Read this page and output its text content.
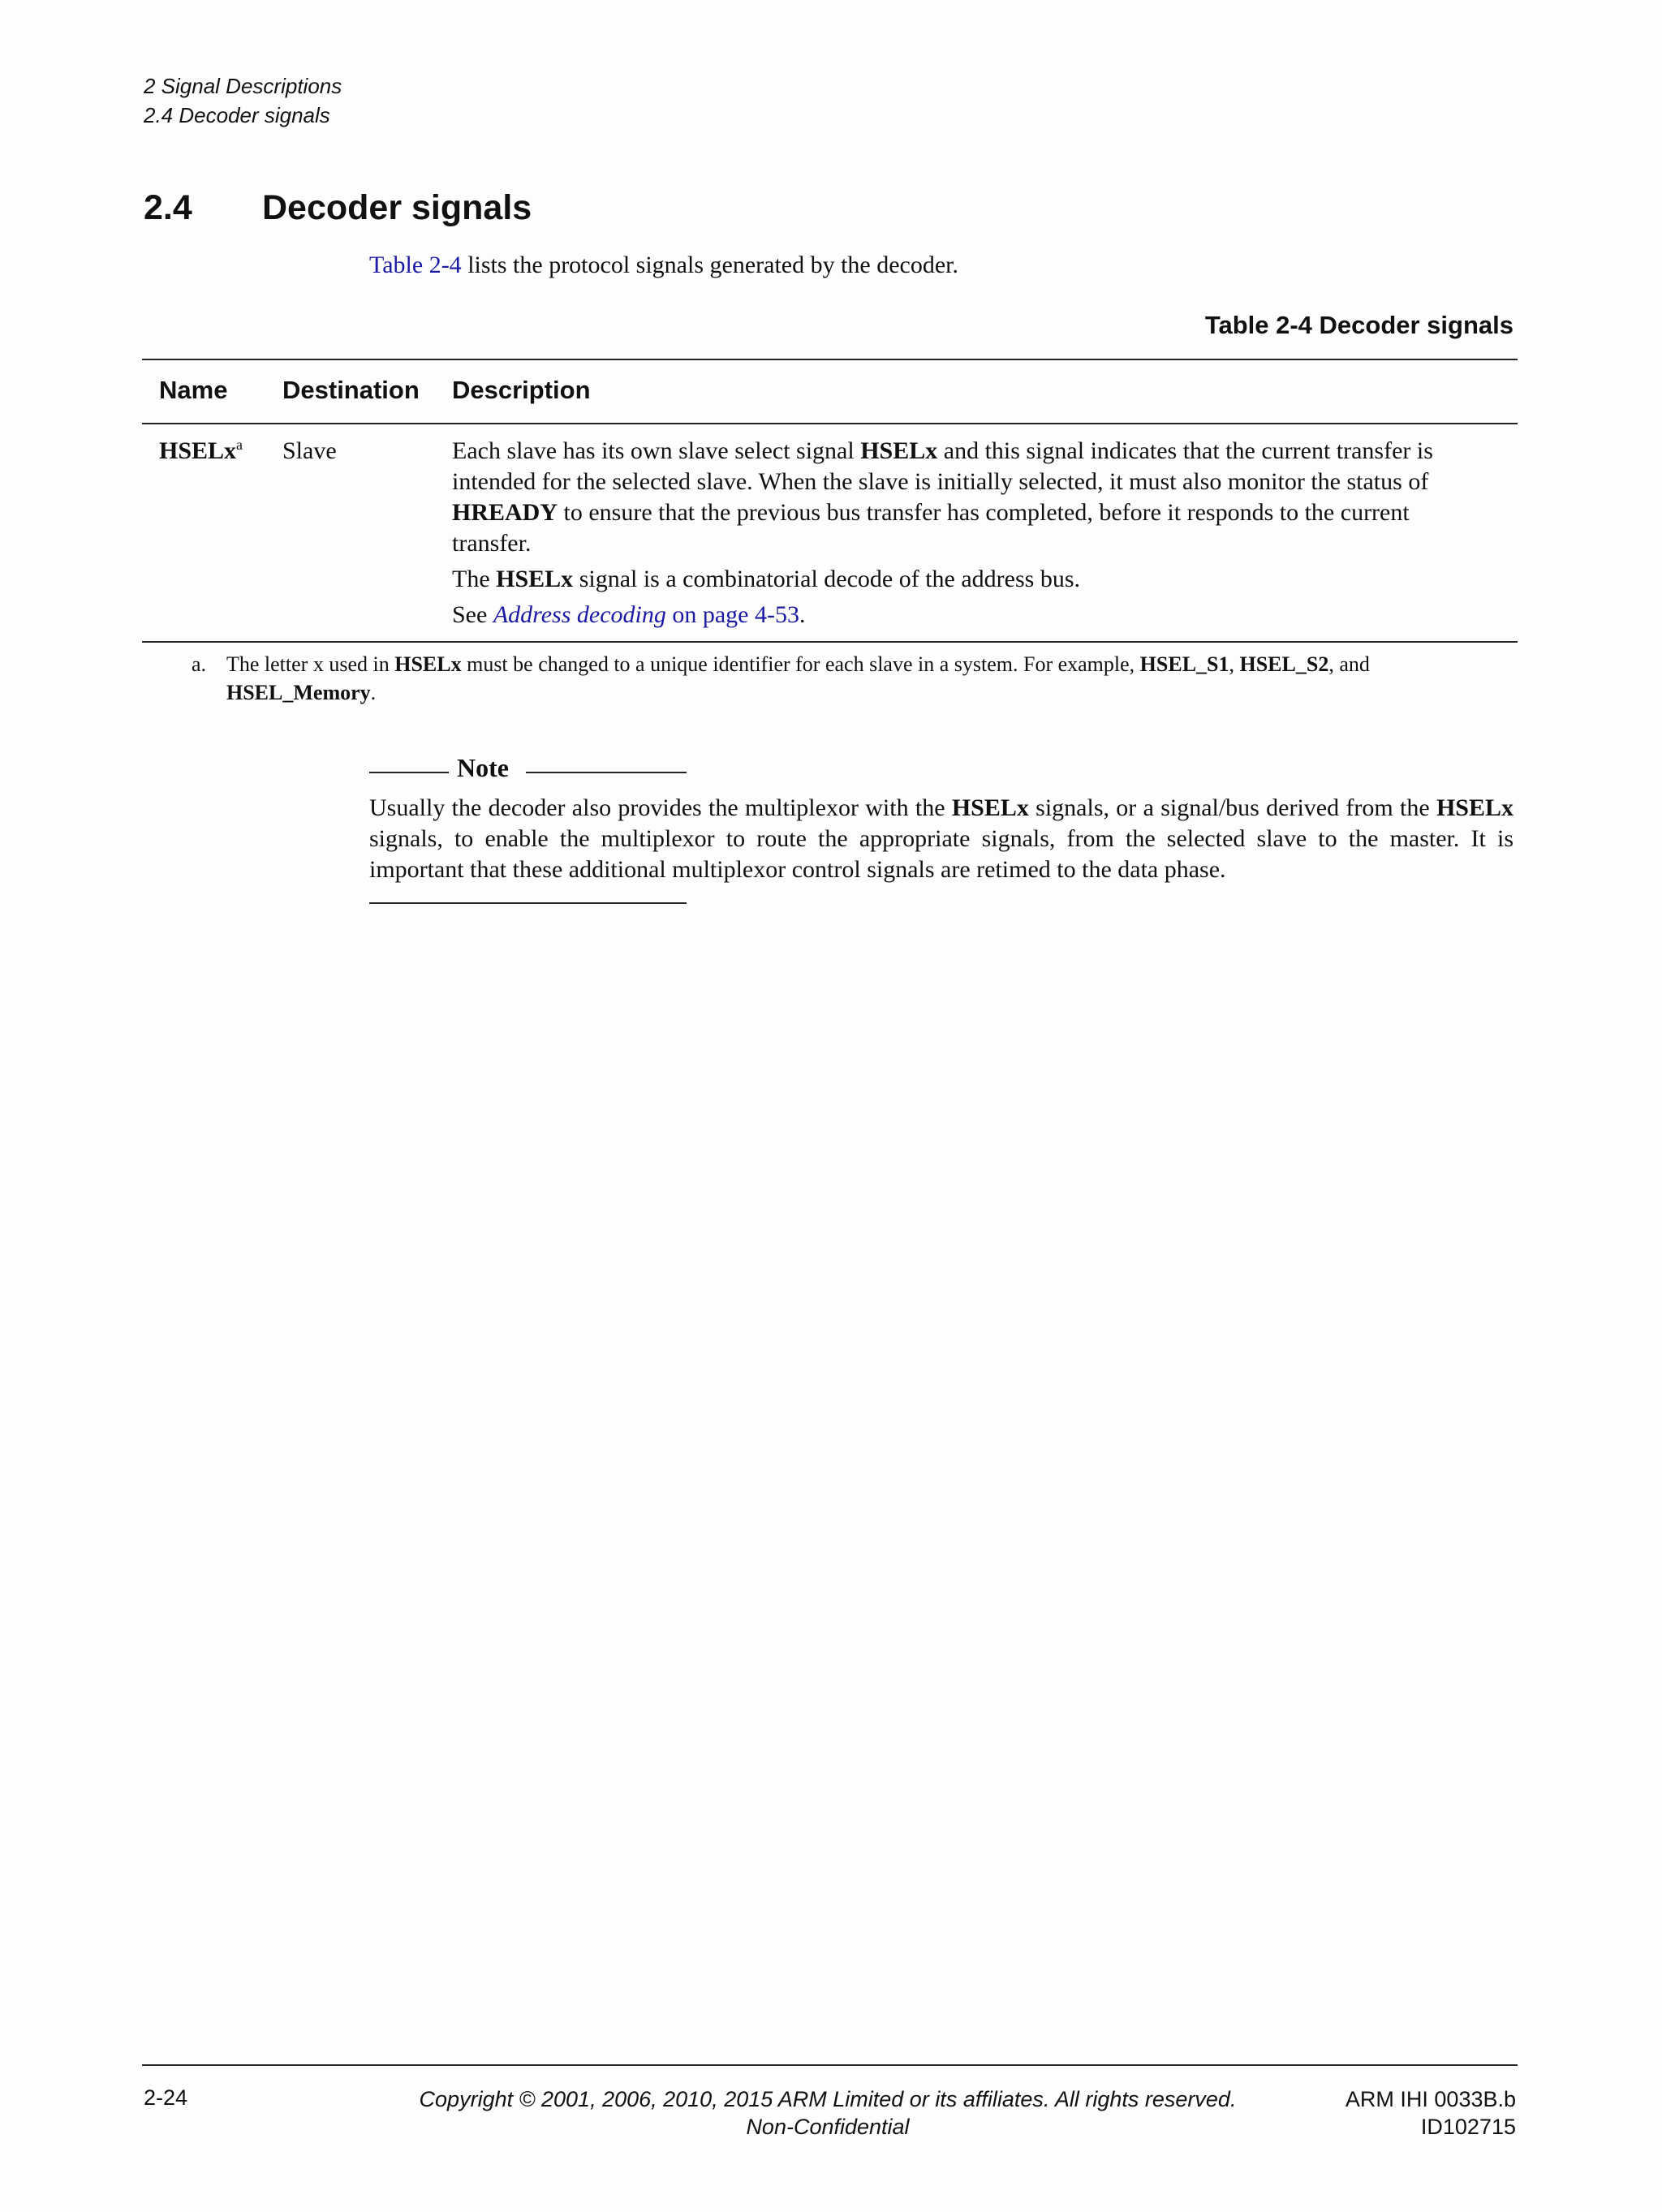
2 Signal Descriptions
2.4 Decoder signals
2.4 Decoder signals
Table 2-4 lists the protocol signals generated by the decoder.
Table 2-4 Decoder signals
Name Destination Description
HSELx$^a$ Slave	Each slave has its own slave select signal HSELx and this signal indicates that the current transfer is intended for the selected slave. When the slave is initially selected, it must also monitor the status of HREADY to ensure that the previous bus transfer has completed, before it responds to the current transfer.
The HSELx signal is a combinatorial decode of the address bus.
See Address decoding on page 4-53.
a. The letter x used in HSELx must be changed to a unique identifier for each slave in a system. For example, HSEL_S1, HSEL_S2, and HSEL_Memory.
Note
Usually the decoder also provides the multiplexor with the HSELx signals, or a signal/bus derived from the HSELx signals, to enable the multiplexor to route the appropriate signals, from the selected slave to the master. It is important that these additional multiplexor control signals are retimed to the data phase.
2-24	Copyright © 2001, 2006, 2010, 2015 ARM Limited or its affiliates. All rights reserved.
Non-Confidential
ARM IHI 0033B.b
ID102715
